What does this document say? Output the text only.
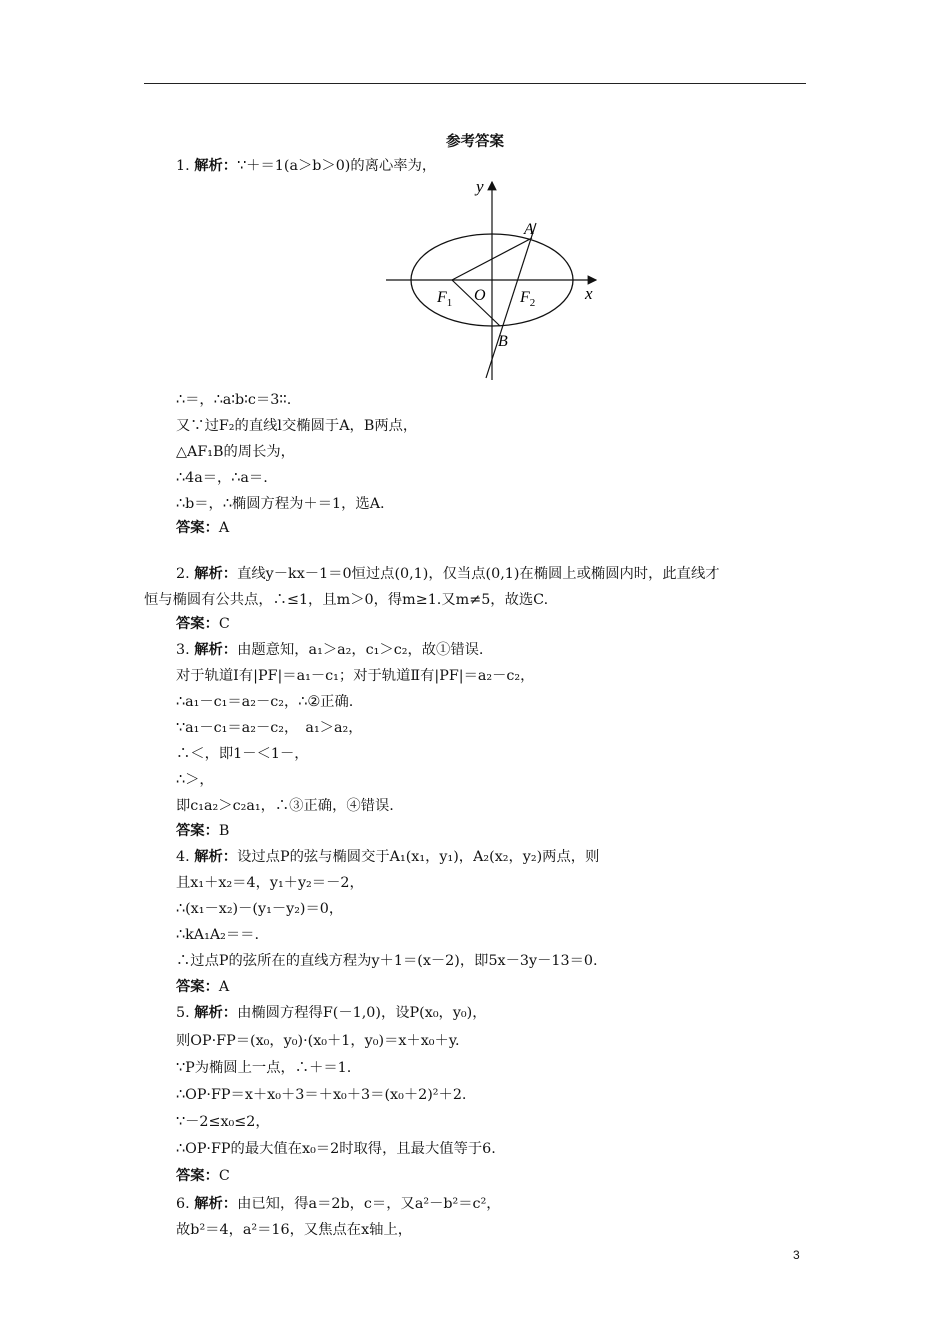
参考答案
y
x
A
B
O
$F_1$	$F_2$
1. 解析：∵＋＝1(a＞b＞0)的离心率为，
∴＝，∴a∶b∶c＝3∶∶.
又∵过F₂的直线l交椭圆于A，B两点，
△AF₁B的周长为，
∴4a＝，∴a＝.
∴b＝，∴椭圆方程为＋＝1，选A.
答案：A
2. 解析：直线y－kx－1＝0恒过点(0,1)，仅当点(0,1)在椭圆上或椭圆内时，此直线才
恒与椭圆有公共点，∴≤1，且m＞0，得m≥1.又m≠5，故选C.
答案：C
3. 解析：由题意知，a₁＞a₂，c₁＞c₂，故①错误.
对于轨道Ⅰ有|PF|＝a₁－c₁；对于轨道Ⅱ有|PF|＝a₂－c₂，
∴a₁－c₁＝a₂－c₂，∴②正确.
∵a₁－c₁＝a₂－c₂，　a₁＞a₂，
∴＜，即1－＜1－，
∴＞，
即c₁a₂＞c₂a₁，∴③正确，④错误.
答案：B
4. 解析：设过点P的弦与椭圆交于A₁(x₁，y₁)，A₂(x₂，y₂)两点，则
且x₁＋x₂＝4，y₁＋y₂＝－2，
∴(x₁－x₂)－(y₁－y₂)＝0，
∴kA₁A₂＝＝.
∴过点P的弦所在的直线方程为y＋1＝(x－2)，即5x－3y－13＝0.
答案：A
5. 解析：由椭圆方程得F(－1,0)，设P(x₀，y₀)，
则OP·FP＝(x₀，y₀)·(x₀＋1，y₀)＝x＋x₀＋y.
∵P为椭圆上一点，∴＋＝1.
∴OP·FP＝x＋x₀＋3＝＋x₀＋3＝(x₀＋2)²＋2.
∵－2≤x₀≤2，
∴OP·FP的最大值在x₀＝2时取得，且最大值等于6.
答案：C
6. 解析：由已知，得a＝2b，c＝，又a²－b²＝c²，
故b²＝4，a²＝16，又焦点在x轴上，
3
